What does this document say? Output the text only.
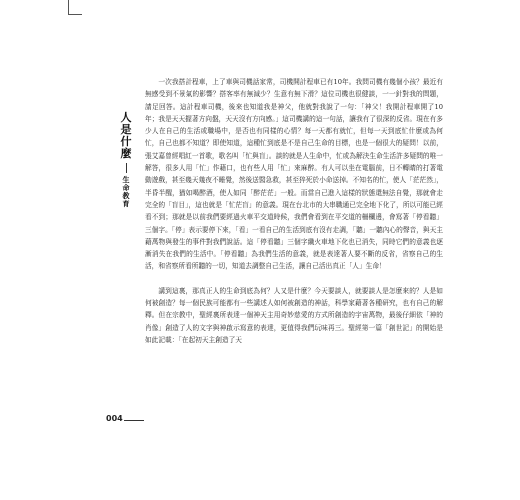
人是什麼
生命教育

一次我搭計程車，上了車與司機話家常，司機開計程車已有10年。我問司機有幾個小孩？最近有無感受到不景氣的影響？搭客率有無減少？生意有無下滑？這位司機也很健談，一一針對我的問題，請足回答。這計程車司機，後來也知道我是神父，他就對我說了一句：「神父！我開計程車開了10年；我是天天握著方向盤，天天沒有方向感。」這司機講的這一句話，讓我有了很深的反省。現在有多少人在自己的生活或職場中，是否也有同樣的心情？每一天都有就忙，但每一天到底忙什麼或為何忙，自己也都不知道？即使知道，這種忙到底是不是自己生命的目標，也是一個很大的疑問！以前，張艾嘉曾經唱紅一首歌，歌名叫「忙與盲」。談的就是人生命中，忙或為解決生命生活許多疑問的唯一解答，很多人用「忙」作藉口，也有些人用「忙」來麻醉。有人可以坐在電腦前，日不轉睛的打著電動遊戲，甚至幾天幾夜不睡覺，然後送醫急救，甚至猝死於小命送掉。不知名的忙，使人「茫茫然」，半昏半醒，猶如喝醉酒，使人如同「醉茫茫」一般。而當自己進入這樣的狀態還無法自覺，那就會走完全的「盲目」，這也就是「忙茫盲」的意義。現在台北市的大串職通已完全地下化了，所以可能已經看不到；那就是以前我們要經過火車平交道時候，我們會看到在平交道的柵欄邊，會寫著「停看聽」三個字。「停」表示要停下來，「看」一看自己的生活到底有沒有走調，「聽」一聽內心的聲音，與天主藉萬物與發生的事件對我們說話。這「停看聽」三個字纖火車地下化也已消失，同時它們的意義也逐漸消失在我們的生活中。「停看聽」為我們生活的意義，就是表達著人要不斷的反省，省察自己的生活，和省察所看所聽的一切，知道去調整自己生活，讓自己活出真正「人」生命！

講到這裏，那真正人的生命到底為何？人又是什麼？今天要談人，就要談人是怎麼來的？人是如何被創造？每一個民族可能都有一些講述人如何被創造的神話，科學家藉著各種研究，也有自己的解釋。但在宗教中，聖經裏所表達一個神天主用奇妙慈愛的方式所創造的宇宙萬物，最後仔細依「神的肖像」創造了人的文字與神啟示寫意的表達，更值得我們玩味再三。聖經第一篇「創世記」的開始是如此記載：「在起初天主創造了天

004
